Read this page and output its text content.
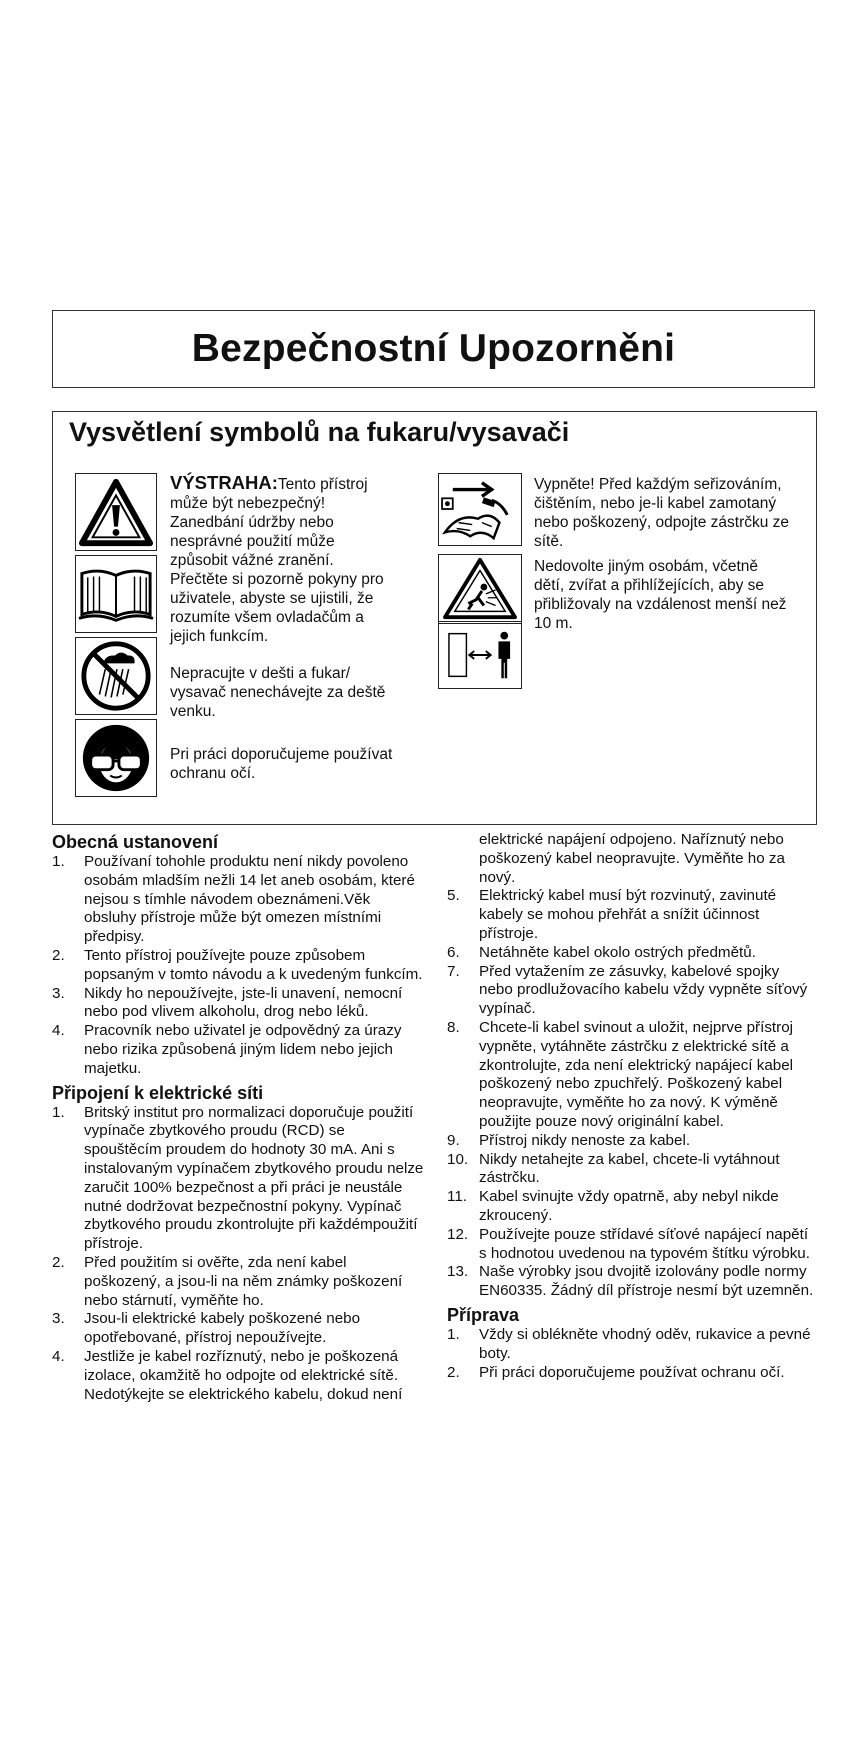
Bezpečnostní Upozorněni
Vysvětlení symbolů na fukaru/vysavači

VÝSTRAHA:Tento přístroj může být nebezpečný! Zanedbání údržby nebo nesprávné použití může způsobit vážné zranění. Přečtěte si pozorně pokyny pro uživatele, abyste se ujistili, že rozumíte všem ovladačům a jejich funkcím.

Nepracujte v dešti a fukar/ vysavač nenechávejte za deště venku.

Pri práci doporučujeme používat ochranu očí.

Vypněte! Před každým seřizováním, čištěním, nebo je-li kabel zamotaný nebo poškozený, odpojte zástrčku ze sítě.

Nedovolte jiným osobám, včetně dětí, zvířat a přihlížejících, aby se přibližovaly na vzdálenost menší než 10 m.

Obecná ustanovení
1. Používaní tohohle produktu není nikdy povoleno osobám mladším nežli 14 let aneb osobám, které nejsou s tímhle návodem obeznámeni.Věk obsluhy přístroje může být omezen místními předpisy.
2. Tento přístroj používejte pouze způsobem popsaným v tomto návodu a k uvedeným funkcím.
3. Nikdy ho nepoužívejte, jste-li unavení, nemocní nebo pod vlivem alkoholu, drog nebo léků.
4. Pracovník nebo uživatel je odpovědný za úrazy nebo rizika způsobená jiným lidem nebo jejich majetku.
Připojení k elektrické síti
1. Britský institut pro normalizaci doporučuje použití vypínače zbytkového proudu (RCD) se spouštěcím proudem do hodnoty 30 mA. Ani s instalovaným vypínačem zbytkového proudu nelze zaručit 100% bezpečnost a při práci je neustále nutné dodržovat bezpečnostní pokyny. Vypínač zbytkového proudu zkontrolujte při každémpoužití přístroje.
2. Před použitím si ověřte, zda není kabel poškozený, a jsou-li na něm známky poškození nebo stárnutí, vyměňte ho.
3. Jsou-li elektrické kabely poškozené nebo opotřebované, přístroj nepoužívejte.
4. Jestliže je kabel rozříznutý, nebo je poškozená izolace, okamžitě ho odpojte od elektrické sítě. Nedotýkejte se elektrického kabelu, dokud není

elektrické napájení odpojeno. Naříznutý nebo poškozený kabel neopravujte. Vyměňte ho za nový.

5. Elektrický kabel musí být rozvinutý, zavinuté kabely se mohou přehřát a snížit účinnost přístroje.
6. Netáhněte kabel okolo ostrých předmětů.
7. Před vytažením ze zásuvky, kabelové spojky nebo prodlužovacího kabelu vždy vypněte síťový vypínač.
8. Chcete-li kabel svinout a uložit, nejprve přístroj vypněte, vytáhněte zástrčku z elektrické sítě a zkontrolujte, zda není elektrický napájecí kabel poškozený nebo zpuchřelý. Poškozený kabel neopravujte, vyměňte ho za nový. K výměně použijte pouze nový originální kabel.
9. Přístroj nikdy nenoste za kabel.
10. Nikdy netahejte za kabel, chcete-li vytáhnout zástrčku.
11. Kabel svinujte vždy opatrně, aby nebyl nikde zkroucený.
12. Používejte pouze střídavé síťové napájecí napětí s hodnotou uvedenou na typovém štítku výrobku.
13. Naše výrobky jsou dvojitě izolovány podle normy EN60335. Žádný díl přístroje nesmí být uzemněn.
Příprava
1. Vždy si oblékněte vhodný oděv, rukavice a pevné boty.
2. Při práci doporučujeme používat ochranu očí.
